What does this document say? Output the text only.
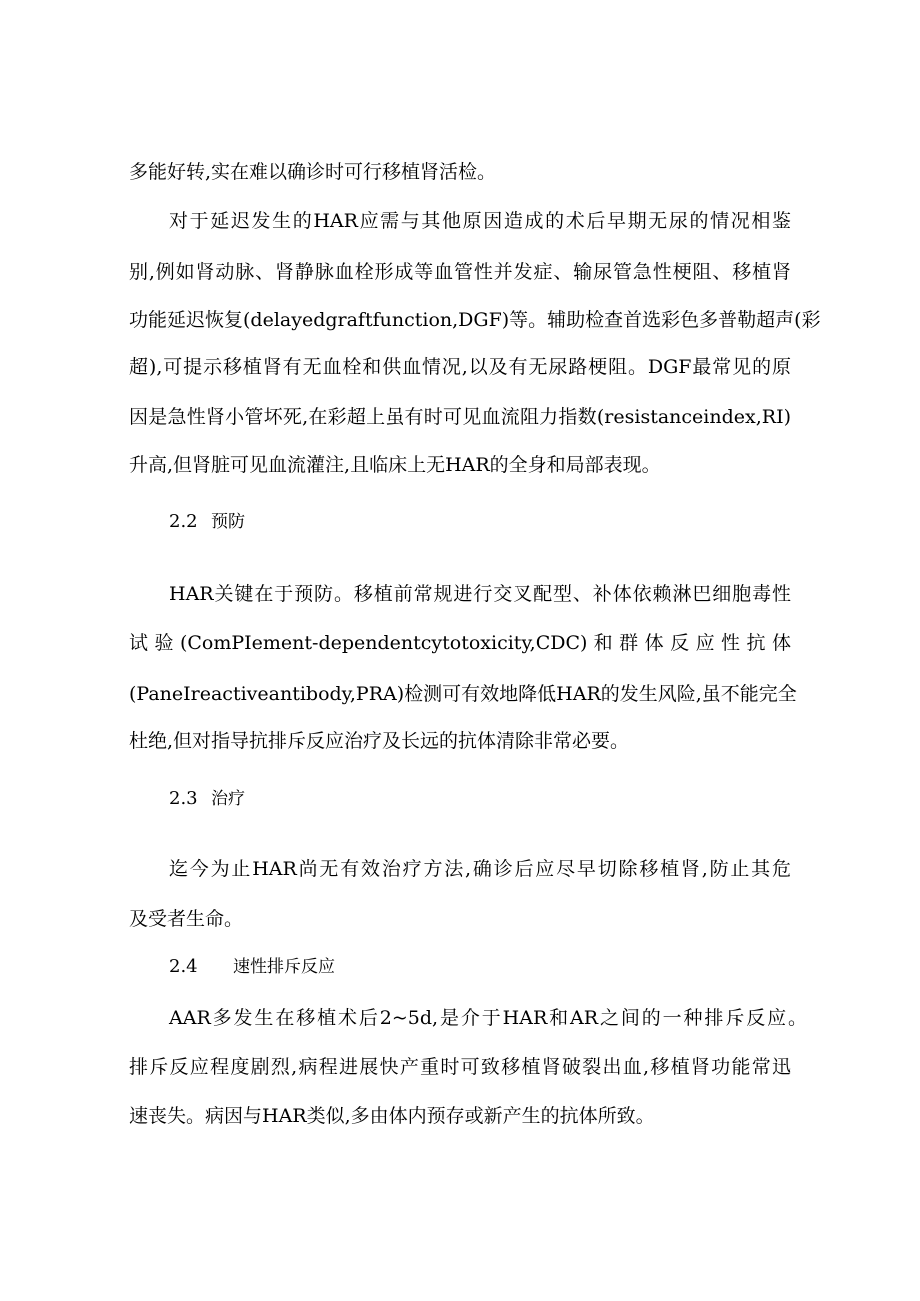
多能好转,实在难以确诊时可行移植肾活检。
对于延迟发生的HAR应需与其他原因造成的术后早期无尿的情况相鉴
别,例如肾动脉、肾静脉血栓形成等血管性并发症、输尿管急性梗阻、移植肾
功能延迟恢复(delayedgraftfunction,DGF)等。辅助检查首选彩色多普勒超声(彩
超),可提示移植肾有无血栓和供血情况,以及有无尿路梗阻。DGF最常见的原
因是急性肾小管坏死,在彩超上虽有时可见血流阻力指数(resistanceindex,RI)
升高,但肾脏可见血流灌注,且临床上无HAR的全身和局部表现。
2.2 预防
HAR关键在于预防。移植前常规进行交叉配型、补体依赖淋巴细胞毒性
试 验 (ComPIement-dependentcytotoxicity,CDC) 和 群 体 反 应 性 抗 体
(PaneIreactiveantibody,PRA)检测可有效地降低HAR的发生风险,虽不能完全
杜绝,但对指导抗排斥反应治疗及长远的抗体清除非常必要。
2.3 治疗
迄今为止HAR尚无有效治疗方法,确诊后应尽早切除移植肾,防止其危
及受者生命。
2.4 速性排斥反应
AAR多发生在移植术后2~5d,是介于HAR和AR之间的一种排斥反应。
排斥反应程度剧烈,病程进展快产重时可致移植肾破裂出血,移植肾功能常迅
速丧失。病因与HAR类似,多由体内预存或新产生的抗体所致。
